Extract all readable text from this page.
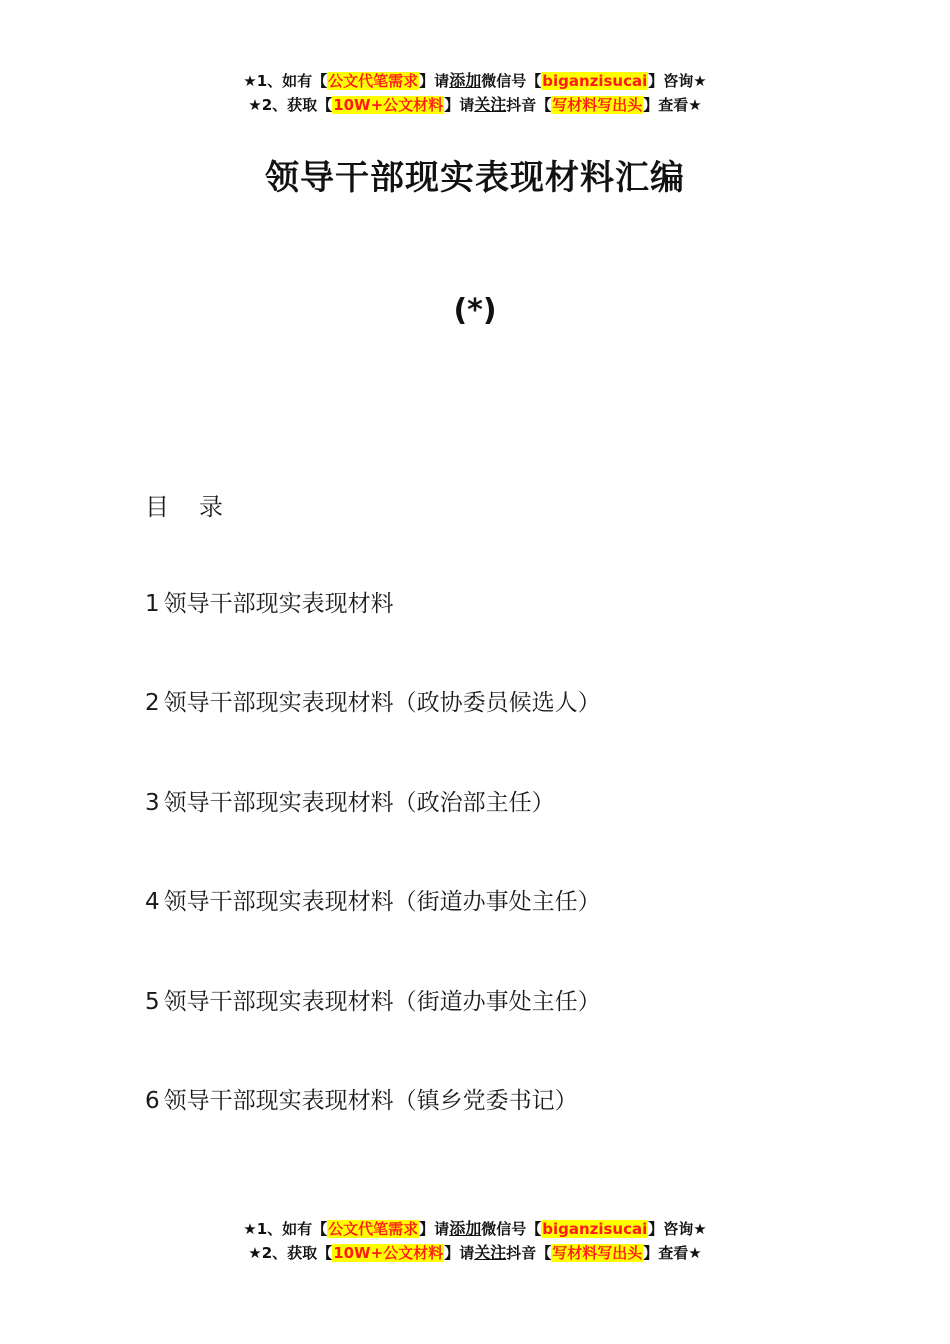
★1、如有【公文代笔需求】请添加微信号【biganzisucai】咨询★
★2、获取【10W+公文材料】请关注抖音【写材料写出头】查看★
领导干部现实表现材料汇编
(*)
目 录
1 领导干部现实表现材料
2 领导干部现实表现材料（政协委员候选人）
3 领导干部现实表现材料（政治部主任）
4 领导干部现实表现材料（街道办事处主任）
5 领导干部现实表现材料（街道办事处主任）
6 领导干部现实表现材料（镇乡党委书记）
★1、如有【公文代笔需求】请添加微信号【biganzisucai】咨询★
★2、获取【10W+公文材料】请关注抖音【写材料写出头】查看★
